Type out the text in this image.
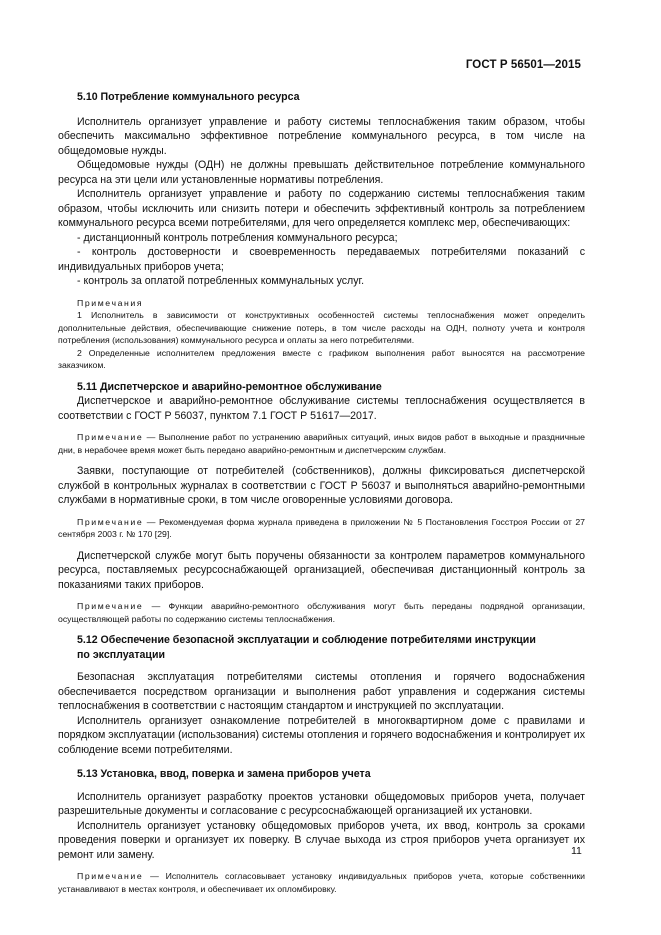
ГОСТ Р 56501—2015
5.10 Потребление коммунального ресурса

Исполнитель организует управление и работу системы теплоснабжения таким образом, чтобы обеспечить максимально эффективное потребление коммунального ресурса, в том числе на общедомовые нужды.

Общедомовые нужды (ОДН) не должны превышать действительное потребление коммунального ресурса на эти цели или установленные нормативы потребления.

Исполнитель организует управление и работу по содержанию системы теплоснабжения таким образом, чтобы исключить или снизить потери и обеспечить эффективный контроль за потреблением коммунального ресурса всеми потребителями, для чего определяется комплекс мер, обеспечивающих:

- дистанционный контроль потребления коммунального ресурса;

- контроль достоверности и своевременность передаваемых потребителями показаний с индивидуальных приборов учета;

- контроль за оплатой потребленных коммунальных услуг.

Примечания

1 Исполнитель в зависимости от конструктивных особенностей системы теплоснабжения может определить дополнительные действия, обеспечивающие снижение потерь, в том числе расходы на ОДН, полноту учета и контроля потребления (использования) коммунального ресурса и оплаты за него потребителями.

2 Определенные исполнителем предложения вместе с графиком выполнения работ выносятся на рассмотрение заказчиком.

5.11 Диспетчерское и аварийно-ремонтное обслуживание

Диспетчерское и аварийно-ремонтное обслуживание системы теплоснабжения осуществляется в соответствии с ГОСТ Р 56037, пунктом 7.1 ГОСТ Р 51617—2017.

Примечание — Выполнение работ по устранению аварийных ситуаций, иных видов работ в выходные и праздничные дни, в нерабочее время может быть передано аварийно-ремонтным и диспетчерским службам.

Заявки, поступающие от потребителей (собственников), должны фиксироваться диспетчерской службой в контрольных журналах в соответствии с ГОСТ Р 56037 и выполняться аварийно-ремонтными службами в нормативные сроки, в том числе оговоренные условиями договора.

Примечание — Рекомендуемая форма журнала приведена в приложении № 5 Постановления Госстроя России от 27 сентября 2003 г. № 170 [29].

Диспетчерской службе могут быть поручены обязанности за контролем параметров коммунального ресурса, поставляемых ресурсоснабжающей организацией, обеспечивая дистанционный контроль за показаниями таких приборов.

Примечание — Функции аварийно-ремонтного обслуживания могут быть переданы подрядной организации, осуществляющей работы по содержанию системы теплоснабжения.

5.12 Обеспечение безопасной эксплуатации и соблюдение потребителями инструкции
по эксплуатации

Безопасная эксплуатация потребителями системы отопления и горячего водоснабжения обеспечивается посредством организации и выполнения работ управления и содержания системы теплоснабжения в соответствии с настоящим стандартом и инструкцией по эксплуатации.

Исполнитель организует ознакомление потребителей в многоквартирном доме с правилами и порядком эксплуатации (использования) системы отопления и горячего водоснабжения и контролирует их соблюдение всеми потребителями.

5.13 Установка, ввод, поверка и замена приборов учета

Исполнитель организует разработку проектов установки общедомовых приборов учета, получает разрешительные документы и согласование с ресурсоснабжающей организацией их установки.

Исполнитель организует установку общедомовых приборов учета, их ввод, контроль за сроками проведения поверки и организует их поверку. В случае выхода из строя приборов учета организует их ремонт или замену.

Примечание — Исполнитель согласовывает установку индивидуальных приборов учета, которые собственники устанавливают в местах контроля, и обеспечивает их опломбировку.

11
